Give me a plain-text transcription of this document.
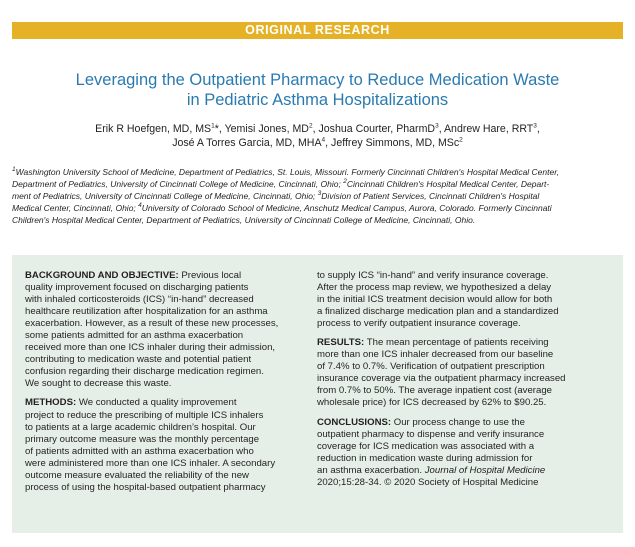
ORIGINAL RESEARCH
Leveraging the Outpatient Pharmacy to Reduce Medication Waste
in Pediatric Asthma Hospitalizations
Erik R Hoefgen, MD, $MS^1*$, Yemisi Jones, $MD^2$, Joshua Courter, PharmD$^3$, Andrew Hare, RRT$^3$,
José A Torres Garcia, MD, MHA$^4$, Jeffrey Simmons, MD, MSc$^2$
$^1$Washington University School of Medicine, Department of Pediatrics, St. Louis, Missouri. Formerly Cincinnati Children's Hospital Medical Center,
Department of Pediatrics, University of Cincinnati College of Medicine, Cincinnati, Ohio; $^2$Cincinnati Children's Hospital Medical Center, Depart-
ment of Pediatrics, University of Cincinnati College of Medicine, Cincinnati, Ohio; $^3$Division of Patient Services, Cincinnati Children's Hospital
Medical Center, Cincinnati, Ohio; $^4$University of Colorado School of Medicine, Anschutz Medical Campus, Aurora, Colorado. Formerly Cincinnati
Children's Hospital Medical Center, Department of Pediatrics, University of Cincinnati College of Medicine, Cincinnati, Ohio.
BACKGROUND AND OBJECTIVE: Previous local
quality improvement focused on discharging patients
with inhaled corticosteroids (ICS) “in-hand” decreased
healthcare reutilization after hospitalization for an asthma
exacerbation. However, as a result of these new processes,
some patients admitted for an asthma exacerbation
received more than one ICS inhaler during their admission,
contributing to medication waste and potential patient
confusion regarding their discharge medication regimen.
We sought to decrease this waste.
METHODS: We conducted a quality improvement
project to reduce the prescribing of multiple ICS inhalers
to patients at a large academic children’s hospital. Our
primary outcome measure was the monthly percentage
of patients admitted with an asthma exacerbation who
were administered more than one ICS inhaler. A secondary
outcome measure evaluated the reliability of the new
process of using the hospital-based outpatient pharmacy
to supply ICS “in-hand” and verify insurance coverage.
After the process map review, we hypothesized a delay
in the initial ICS treatment decision would allow for both
a finalized discharge medication plan and a standardized
process to verify outpatient insurance coverage.
RESULTS: The mean percentage of patients receiving
more than one ICS inhaler decreased from our baseline
of 7.4% to 0.7%. Verification of outpatient prescription
insurance coverage via the outpatient pharmacy increased
from 0.7% to 50%. The average inpatient cost (average
wholesale price) for ICS decreased by 62% to $90.25.
CONCLUSIONS: Our process change to use the
outpatient pharmacy to dispense and verify insurance
coverage for ICS medication was associated with a
reduction in medication waste during admission for
an asthma exacerbation. Journal of Hospital Medicine
2020;15:28-34. © 2020 Society of Hospital Medicine
